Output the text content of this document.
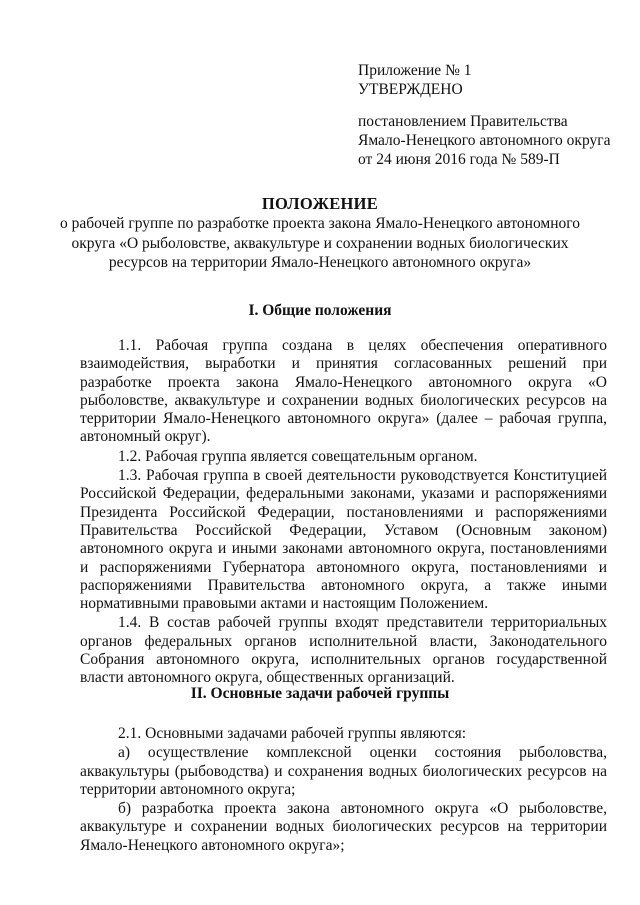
Приложение № 1
УТВЕРЖДЕНО
постановлением Правительства
Ямало-Ненецкого автономного округа
от 24 июня 2016 года № 589-П
ПОЛОЖЕНИЕ
о рабочей группе по разработке проекта закона Ямало-Ненецкого автономного
округа «О рыболовстве, аквакультуре и сохранении водных биологических
ресурсов на территории Ямало-Ненецкого автономного округа»
I. Общие положения

1.1. Рабочая группа создана в целях обеспечения оперативного взаимодействия, выработки и принятия согласованных решений при разработке проекта закона Ямало-Ненецкого автономного округа «О рыболовстве, аквакультуре и сохранении водных биологических ресурсов на территории Ямало-Ненецкого автономного округа» (далее – рабочая группа, автономный округ).

1.2. Рабочая группа является совещательным органом.

1.3. Рабочая группа в своей деятельности руководствуется Конституцией Российской Федерации, федеральными законами, указами и распоряжениями Президента Российской Федерации, постановлениями и распоряжениями Правительства Российской Федерации, Уставом (Основным законом) автономного округа и иными законами автономного округа, постановлениями и распоряжениями Губернатора автономного округа, постановлениями и распоряжениями Правительства автономного округа, а также иными нормативными правовыми актами и настоящим Положением.

1.4. В состав рабочей группы входят представители территориальных органов федеральных органов исполнительной власти, Законодательного Собрания автономного округа, исполнительных органов государственной власти автономного округа, общественных организаций.

II. Основные задачи рабочей группы

2.1. Основными задачами рабочей группы являются:

а) осуществление комплексной оценки состояния рыболовства, аквакультуры (рыбоводства) и сохранения водных биологических ресурсов на территории автономного округа;

б) разработка проекта закона автономного округа «О рыболовстве, аквакультуре и сохранении водных биологических ресурсов на территории Ямало-Ненецкого автономного округа»;
